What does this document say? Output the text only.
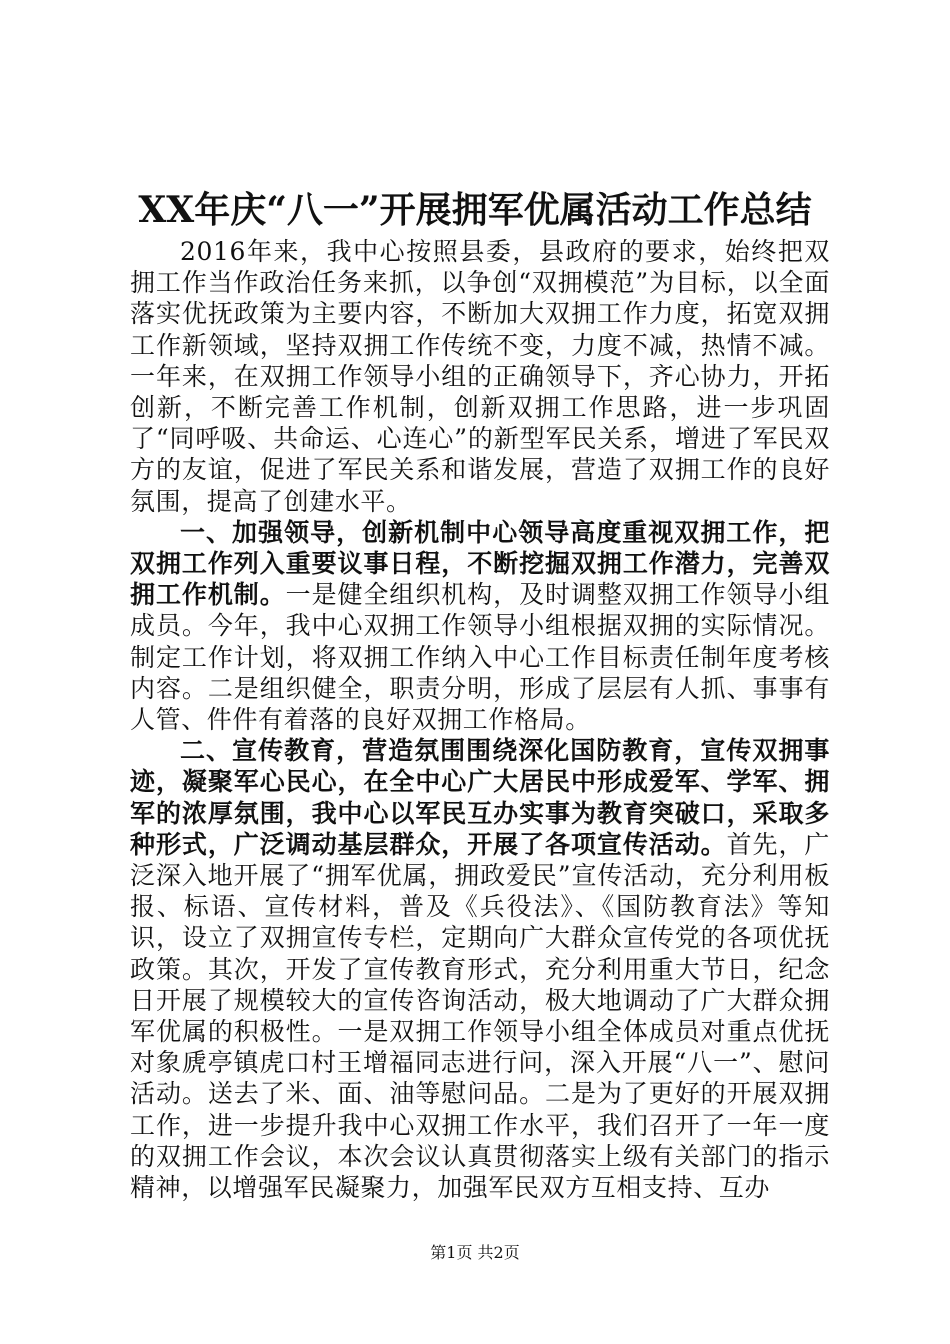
XX年庆“八一”开展拥军优属活动工作总结

2016年来，我中心按照县委，县政府的要求，始终把双拥工作当作政治任务来抓，以争创“双拥模范”为目标，以全面落实优抚政策为主要内容，不断加大双拥工作力度，拓宽双拥工作新领域，坚持双拥工作传统不变，力度不减，热情不减。一年来，在双拥工作领导小组的正确领导下，齐心协力，开拓创新，不断完善工作机制，创新双拥工作思路，进一步巩固了“同呼吸、共命运、心连心”的新型军民关系，增进了军民双方的友谊，促进了军民关系和谐发展，营造了双拥工作的良好氛围，提高了创建水平。

一、加强领导，创新机制中心领导高度重视双拥工作，把双拥工作列入重要议事日程，不断挖掘双拥工作潜力，完善双拥工作机制。一是健全组织机构，及时调整双拥工作领导小组成员。今年，我中心双拥工作领导小组根据双拥的实际情况。制定工作计划，将双拥工作纳入中心工作目标责任制年度考核内容。二是组织健全，职责分明，形成了层层有人抓、事事有人管、件件有着落的良好双拥工作格局。

二、宣传教育，营造氛围围绕深化国防教育，宣传双拥事迹，凝聚军心民心，在全中心广大居民中形成爱军、学军、拥军的浓厚氛围，我中心以军民互办实事为教育突破口，采取多种形式，广泛调动基层群众，开展了各项宣传活动。首先，广泛深入地开展了“拥军优属，拥政爱民”宣传活动，充分利用板报、标语、宣传材料，普及《兵役法》、《国防教育法》等知识，设立了双拥宣传专栏，定期向广大群众宣传党的各项优抚政策。其次，开发了宣传教育形式，充分利用重大节日，纪念日开展了规模较大的宣传咨询活动，极大地调动了广大群众拥军优属的积极性。一是双拥工作领导小组全体成员对重点优抚对象虒亭镇虎口村王增福同志进行问，深入开展“八一”、慰问活动。送去了米、面、油等慰问品。二是为了更好的开展双拥工作，进一步提升我中心双拥工作水平，我们召开了一年一度的双拥工作会议，本次会议认真贯彻落实上级有关部门的指示精神，以增强军民凝聚力，加强军民双方互相支持、互办

第1页 共2页
